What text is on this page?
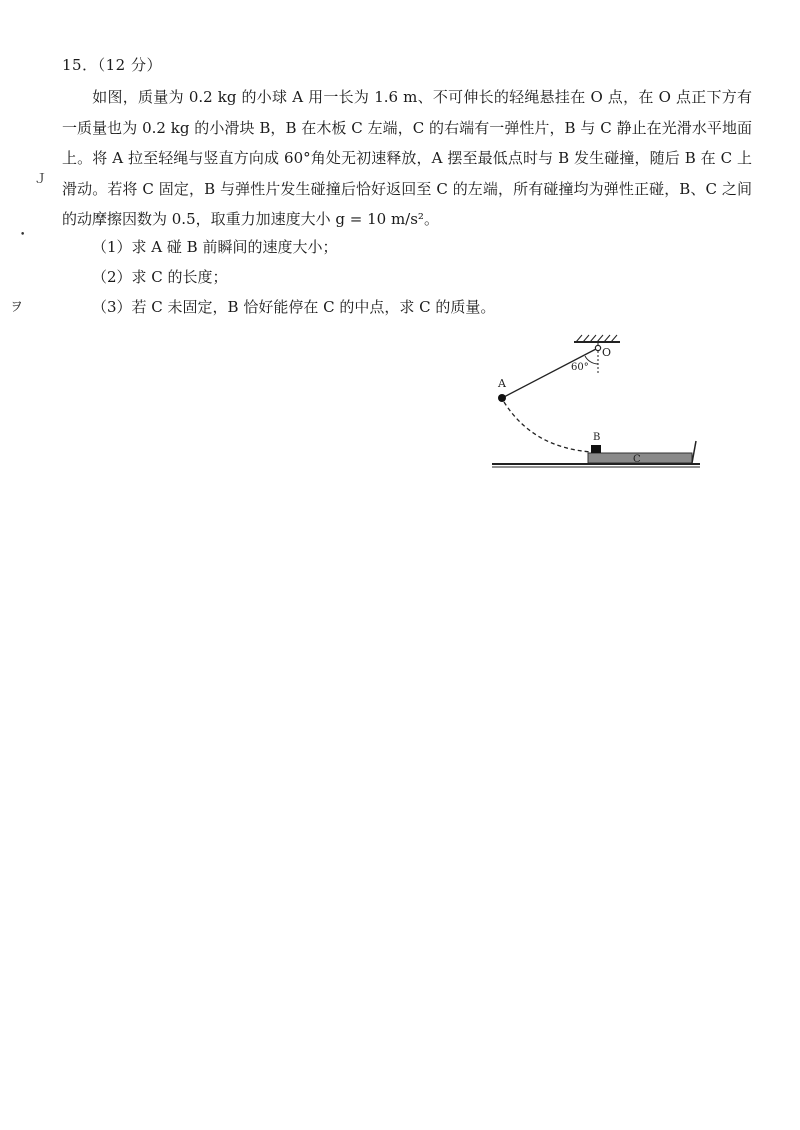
Ｊ
•
ヲ
15．（12 分）
如图，质量为 0.2 kg 的小球 A 用一长为 1.6 m、不可伸长的轻绳悬挂在 O 点，在 O 点正下方有一质量也为 0.2 kg 的小滑块 B，B 在木板 C 左端，C 的右端有一弹性片，B 与 C 静止在光滑水平地面上。将 A 拉至轻绳与竖直方向成 60°角处无初速释放，A 摆至最低点时与 B 发生碰撞，随后 B 在 C 上滑动。若将 C 固定，B 与弹性片发生碰撞后恰好返回至 C 的左端，所有碰撞均为弹性正碰，B、C 之间的动摩擦因数为 0.5，取重力加速度大小 g = 10 m/s²。
（1）求 A 碰 B 前瞬间的速度大小；
（2）求 C 的长度；
（3）若 C 未固定，B 恰好能停在 C 的中点，求 C 的质量。
O
60°
A
C
B
